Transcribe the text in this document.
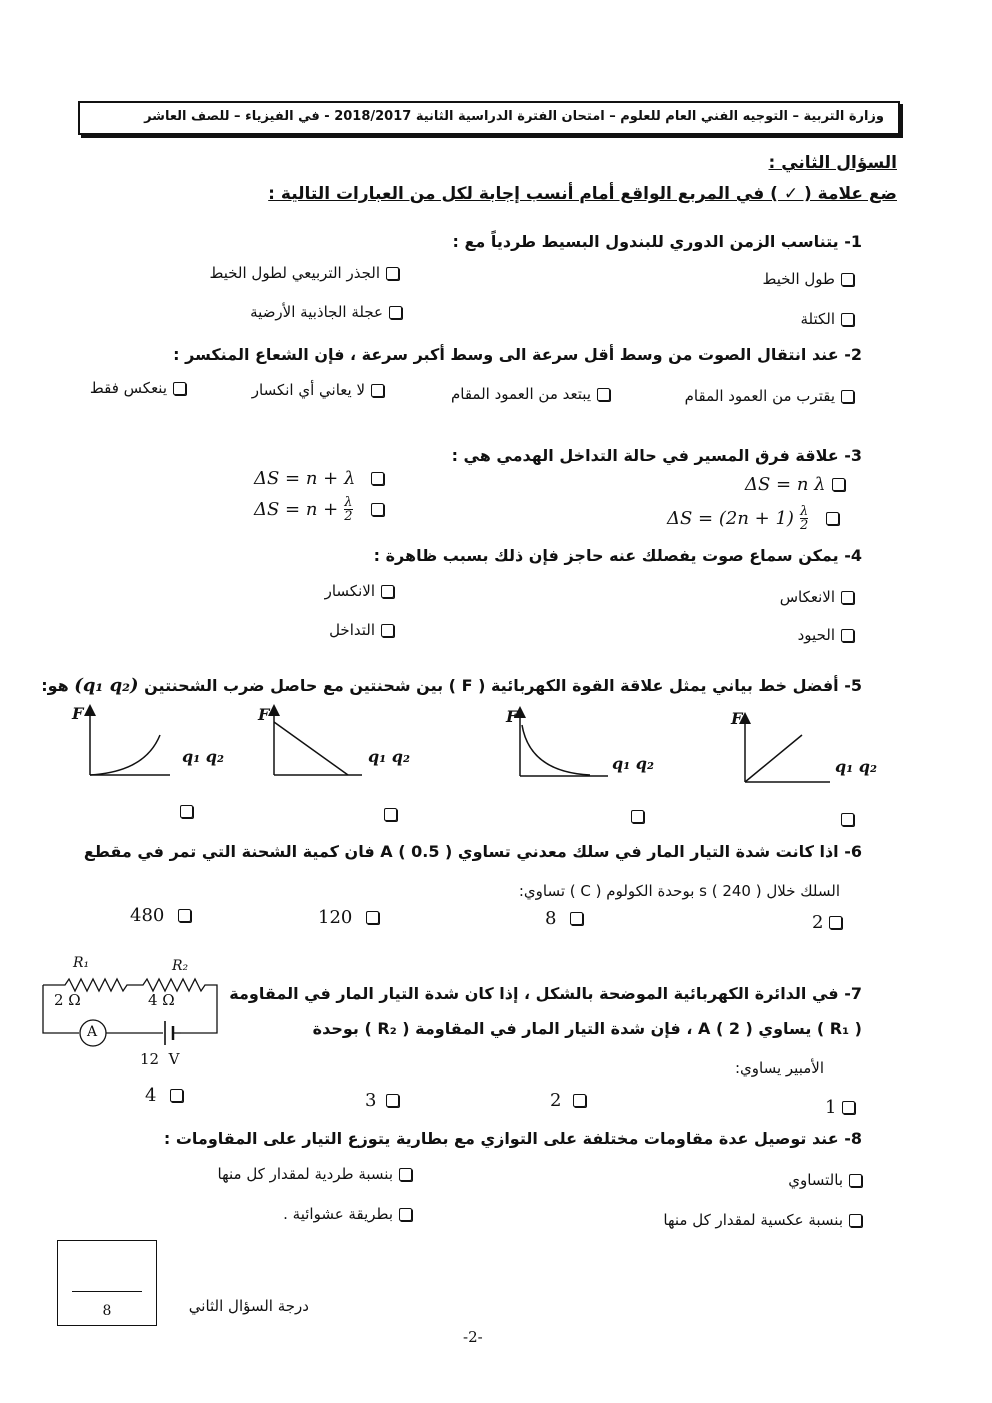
وزارة التربية – التوجيه الفني العام للعلوم – امتحان الفترة الدراسية الثانية 2018/2017 - في الفيزياء – للصف العاشر
السؤال الثاني :
ضع علامة ( ✓ ) في المربع الواقع أمام أنسب إجابة لكل من العبارات التالية :
1- يتناسب الزمن الدوري للبندول البسيط طردياً مع :
طول الخيط
الجذر التربيعي لطول الخيط
الكتلة
عجلة الجاذبية الأرضية
2- عند انتقال الصوت من وسط أقل سرعة الى وسط أكبر سرعة ، فإن الشعاع المنكسر :
يقترب من العمود المقام
يبتعد من العمود المقام
لا يعاني أي انكسار
ينعكس فقط
3- علاقة فرق المسير في حالة التداخل الهدمي هي :
ΔS = n λ
ΔS = n + λ
ΔS = (2n + 1) λ
2
$\Delta S = n + \frac{\lambda}{2}$
4- يمكن سماع صوت يفصلك عنه حاجز فإن ذلك بسبب ظاهرة :
الانعكاس
الانكسار
الحيود
التداخل
5- أفضل خط بياني يمثل علاقة القوة الكهربائية ( F ) بين شحنتين مع حاصل ضرب الشحنتين (q₁ q₂) هو:
F
q₁ q₂
F
q₁ q₂
F
q₁ q₂
F
q₁ q₂
6- اذا كانت شدة التيار المار في سلك معدني تساوي A ( 0.5 ) فان كمية الشحنة التي تمر في مقطع
السلك خلال s ( 240 ) بوحدة الكولوم ( C ) تساوي:
2
8
120
480
R₁	R₂
2 Ω	4 Ω
A
12  V
7- في الدائرة الكهربائية الموضحة بالشكل ، إذا كان شدة التيار المار في المقاومة
( R₁ ) يساوي A ( 2 ) ، فإن شدة التيار المار في المقاومة ( R₂ ) بوحدة
الأمبير يساوي:
1
2
3
4
8- عند توصيل عدة مقاومات مختلفة على التوازي مع بطارية يتوزع التيار على المقاومات :
بالتساوي
بنسبة طردية لمقدار كل منها
بنسبة عكسية لمقدار كل منها
بطريقة عشوائية .
8	درجة السؤال الثاني
-2-
